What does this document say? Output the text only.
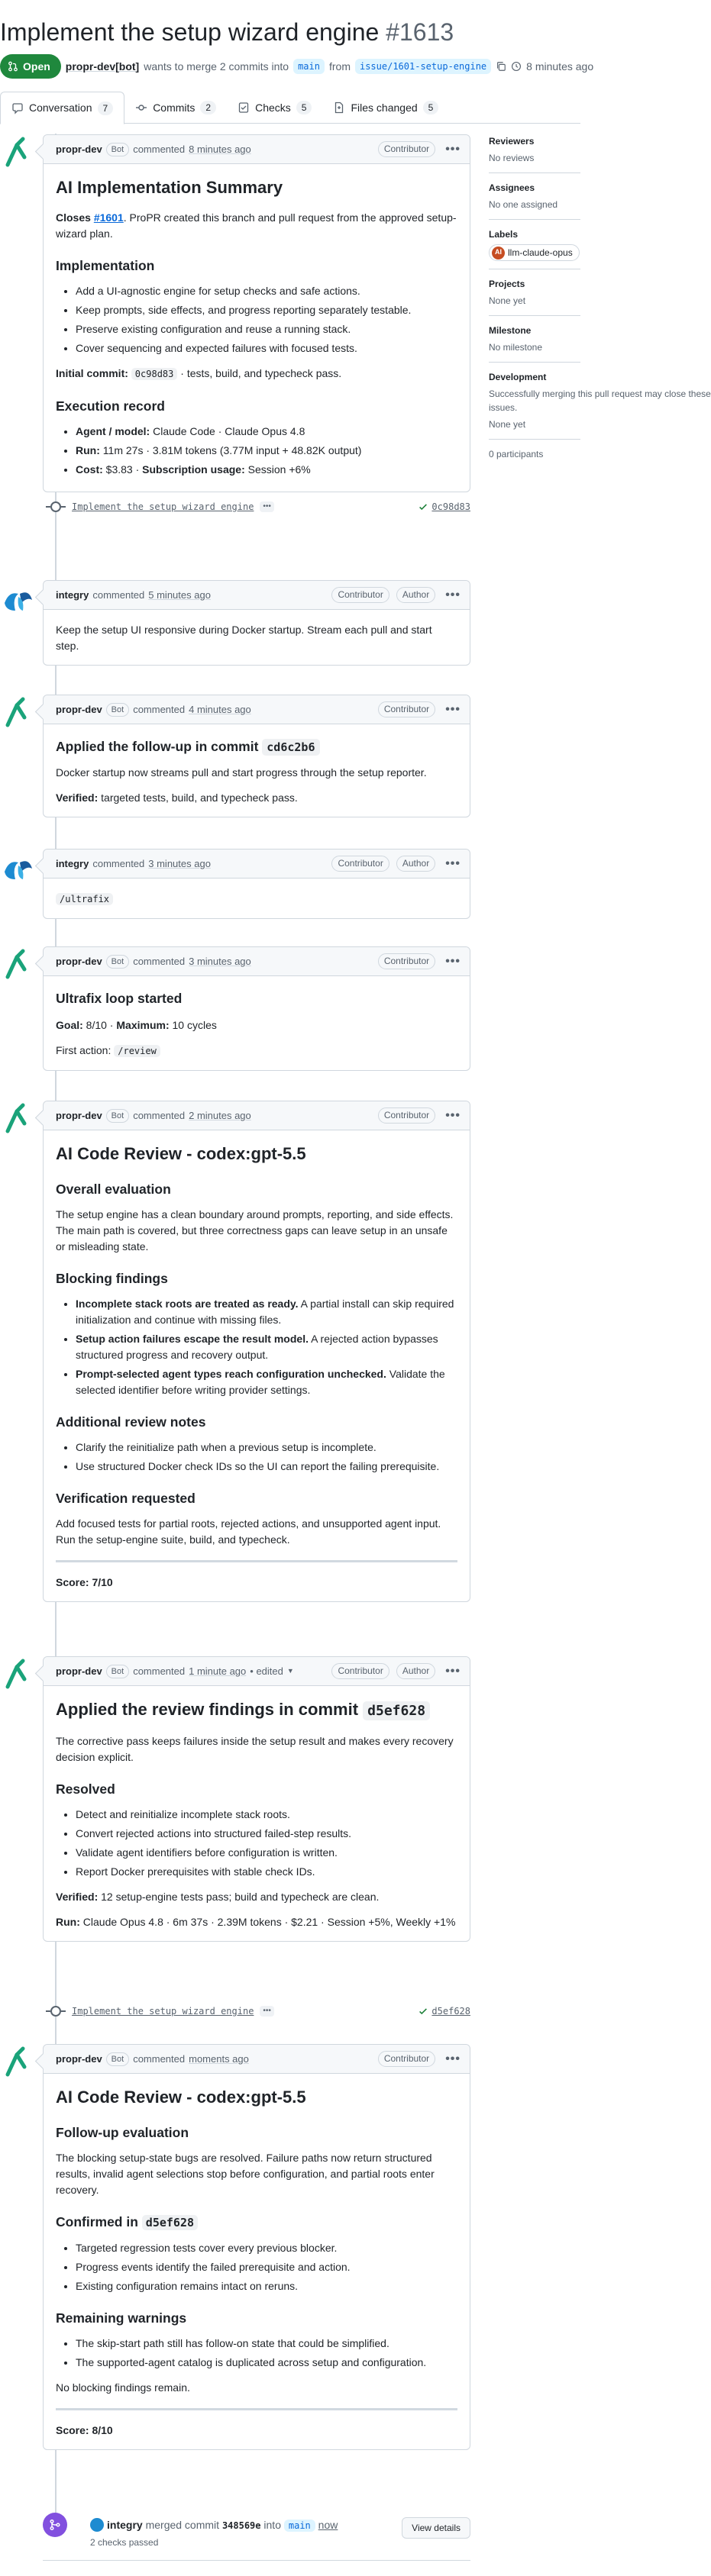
Implement the setup wizard engine #1613
Open propr-dev[bot] wants to merge 2 commits into	main from	issue/1601-setup-engine	8 minutes ago
Conversation	7	Commits	2	Checks	5	Files changed	5
Reviewers
No reviews
Assignees
No one assigned
Labels
AI llm-claude-opus
Projects
None yet
Milestone
No milestone
Development
Successfully merging this pull request may close these
issues.
None yet
0 participants
propr-dev	Bot commented 8 minutes ago	Contributor	•••
AI Implementation Summary

Closes #1601. ProPR created this branch and pull request from the approved setup-wizard plan.

Implementation
• Add a UI-agnostic engine for setup checks and safe actions.
• Keep prompts, side effects, and progress reporting separately testable.
• Preserve existing configuration and reuse a running stack.
• Cover sequencing and expected failures with focused tests.

Initial commit: 0c98d83 · tests, build, and typecheck pass.

Execution record
• Agent / model: Claude Code · Claude Opus 4.8
• Run: 11m 27s · 3.81M tokens (3.77M input + 48.82K output)
• Cost: $3.83 · Subscription usage: Session +6%
Implement the setup wizard engine	•••	0c98d83
integry commented 5 minutes ago	Contributor	Author	•••

Keep the setup UI responsive during Docker startup. Stream each pull and start step.

propr-dev	Bot commented 4 minutes ago	Contributor	•••
Applied the follow-up in commit cd6c2b6

Docker startup now streams pull and start progress through the setup reporter.

Verified: targeted tests, build, and typecheck pass.

integry commented 3 minutes ago	Contributor	Author	•••

/ultrafix

propr-dev	Bot commented 3 minutes ago	Contributor	•••
Ultrafix loop started

Goal: 8/10 · Maximum: 10 cycles

First action: /review

propr-dev	Bot commented 2 minutes ago	Contributor	•••
AI Code Review - codex:gpt-5.5
Overall evaluation

The setup engine has a clean boundary around prompts, reporting, and side effects. The main path is covered, but three correctness gaps can leave setup in an unsafe or misleading state.

Blocking findings
• Incomplete stack roots are treated as ready. A partial install can skip required initialization and continue with missing files.
• Setup action failures escape the result model. A rejected action bypasses structured progress and recovery output.
• Prompt-selected agent types reach configuration unchecked. Validate the selected identifier before writing provider settings.
Additional review notes
• Clarify the reinitialize path when a previous setup is incomplete.
• Use structured Docker check IDs so the UI can report the failing prerequisite.
Verification requested

Add focused tests for partial roots, rejected actions, and unsupported agent input. Run the setup-engine suite, build, and typecheck.

Score: 7/10

propr-dev	Bot commented 1 minute ago • edited ▼	Contributor	Author	•••
Applied the review findings in commit d5ef628

The corrective pass keeps failures inside the setup result and makes every recovery decision explicit.

Resolved
• Detect and reinitialize incomplete stack roots.
• Convert rejected actions into structured failed-step results.
• Validate agent identifiers before configuration is written.
• Report Docker prerequisites with stable check IDs.

Verified: 12 setup-engine tests pass; build and typecheck are clean.

Run: Claude Opus 4.8 · 6m 37s · 2.39M tokens · $2.21 · Session +5%, Weekly +1%

Implement the setup wizard engine	•••	d5ef628
propr-dev	Bot commented moments ago	Contributor	•••
AI Code Review - codex:gpt-5.5
Follow-up evaluation

The blocking setup-state bugs are resolved. Failure paths now return structured results, invalid agent selections stop before configuration, and partial roots enter recovery.

Confirmed in d5ef628
• Targeted regression tests cover every previous blocker.
• Progress events identify the failed prerequisite and action.
• Existing configuration remains intact on reruns.
Remaining warnings
• The skip-start path still has follow-on state that could be simplified.
• The supported-agent catalog is duplicated across setup and configuration.

No blocking findings remain.

Score: 8/10

integry merged commit 348569e into main now
2 checks passed
View details
